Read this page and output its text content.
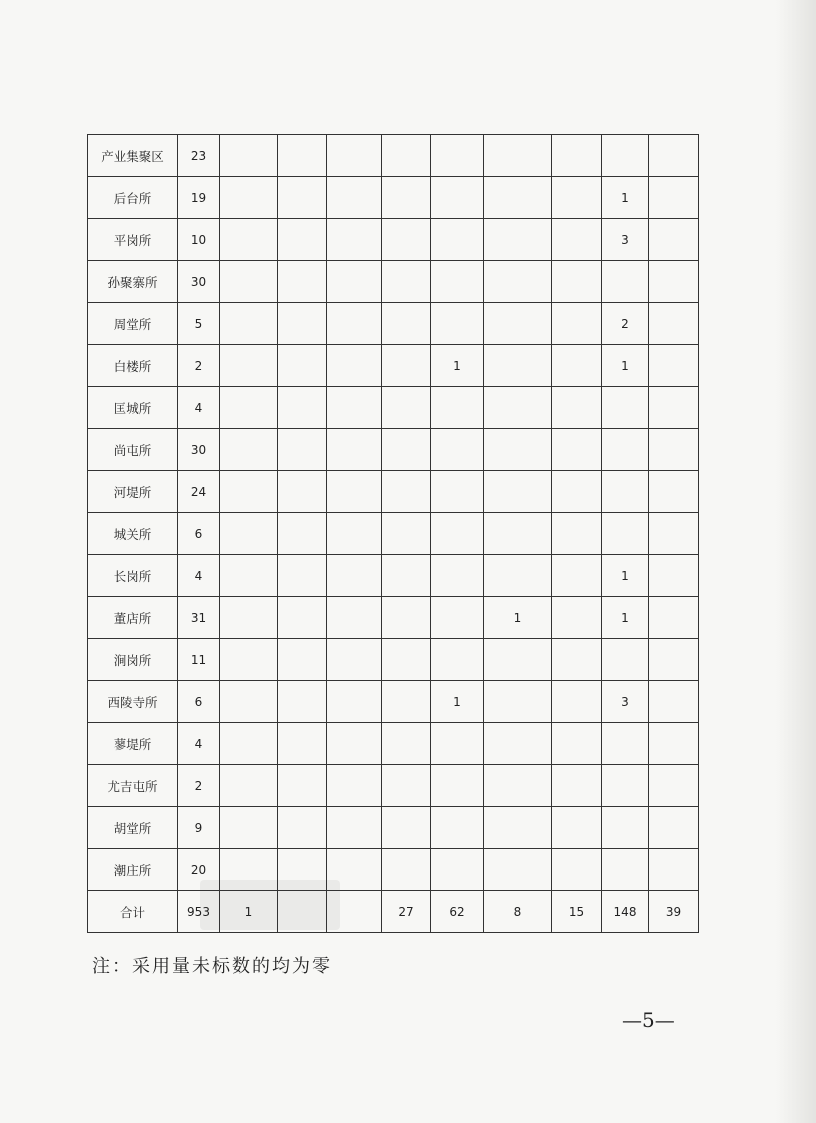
产业集聚区	23									
后台所	19								1	
平岗所	10								3	
孙聚寨所	30									
周堂所	5								2	
白楼所	2					1			1	
匡城所	4									
尚屯所	30									
河堤所	24									
城关所	6									
长岗所	4								1	
董店所	31						1		1	
涧岗所	11									
西陵寺所	6					1			3	
蓼堤所	4									
尤吉屯所	2									
胡堂所	9									
潮庄所	20									
合计	953	1			27	62	8	15	148	39
注：采用量未标数的均为零
—5—
